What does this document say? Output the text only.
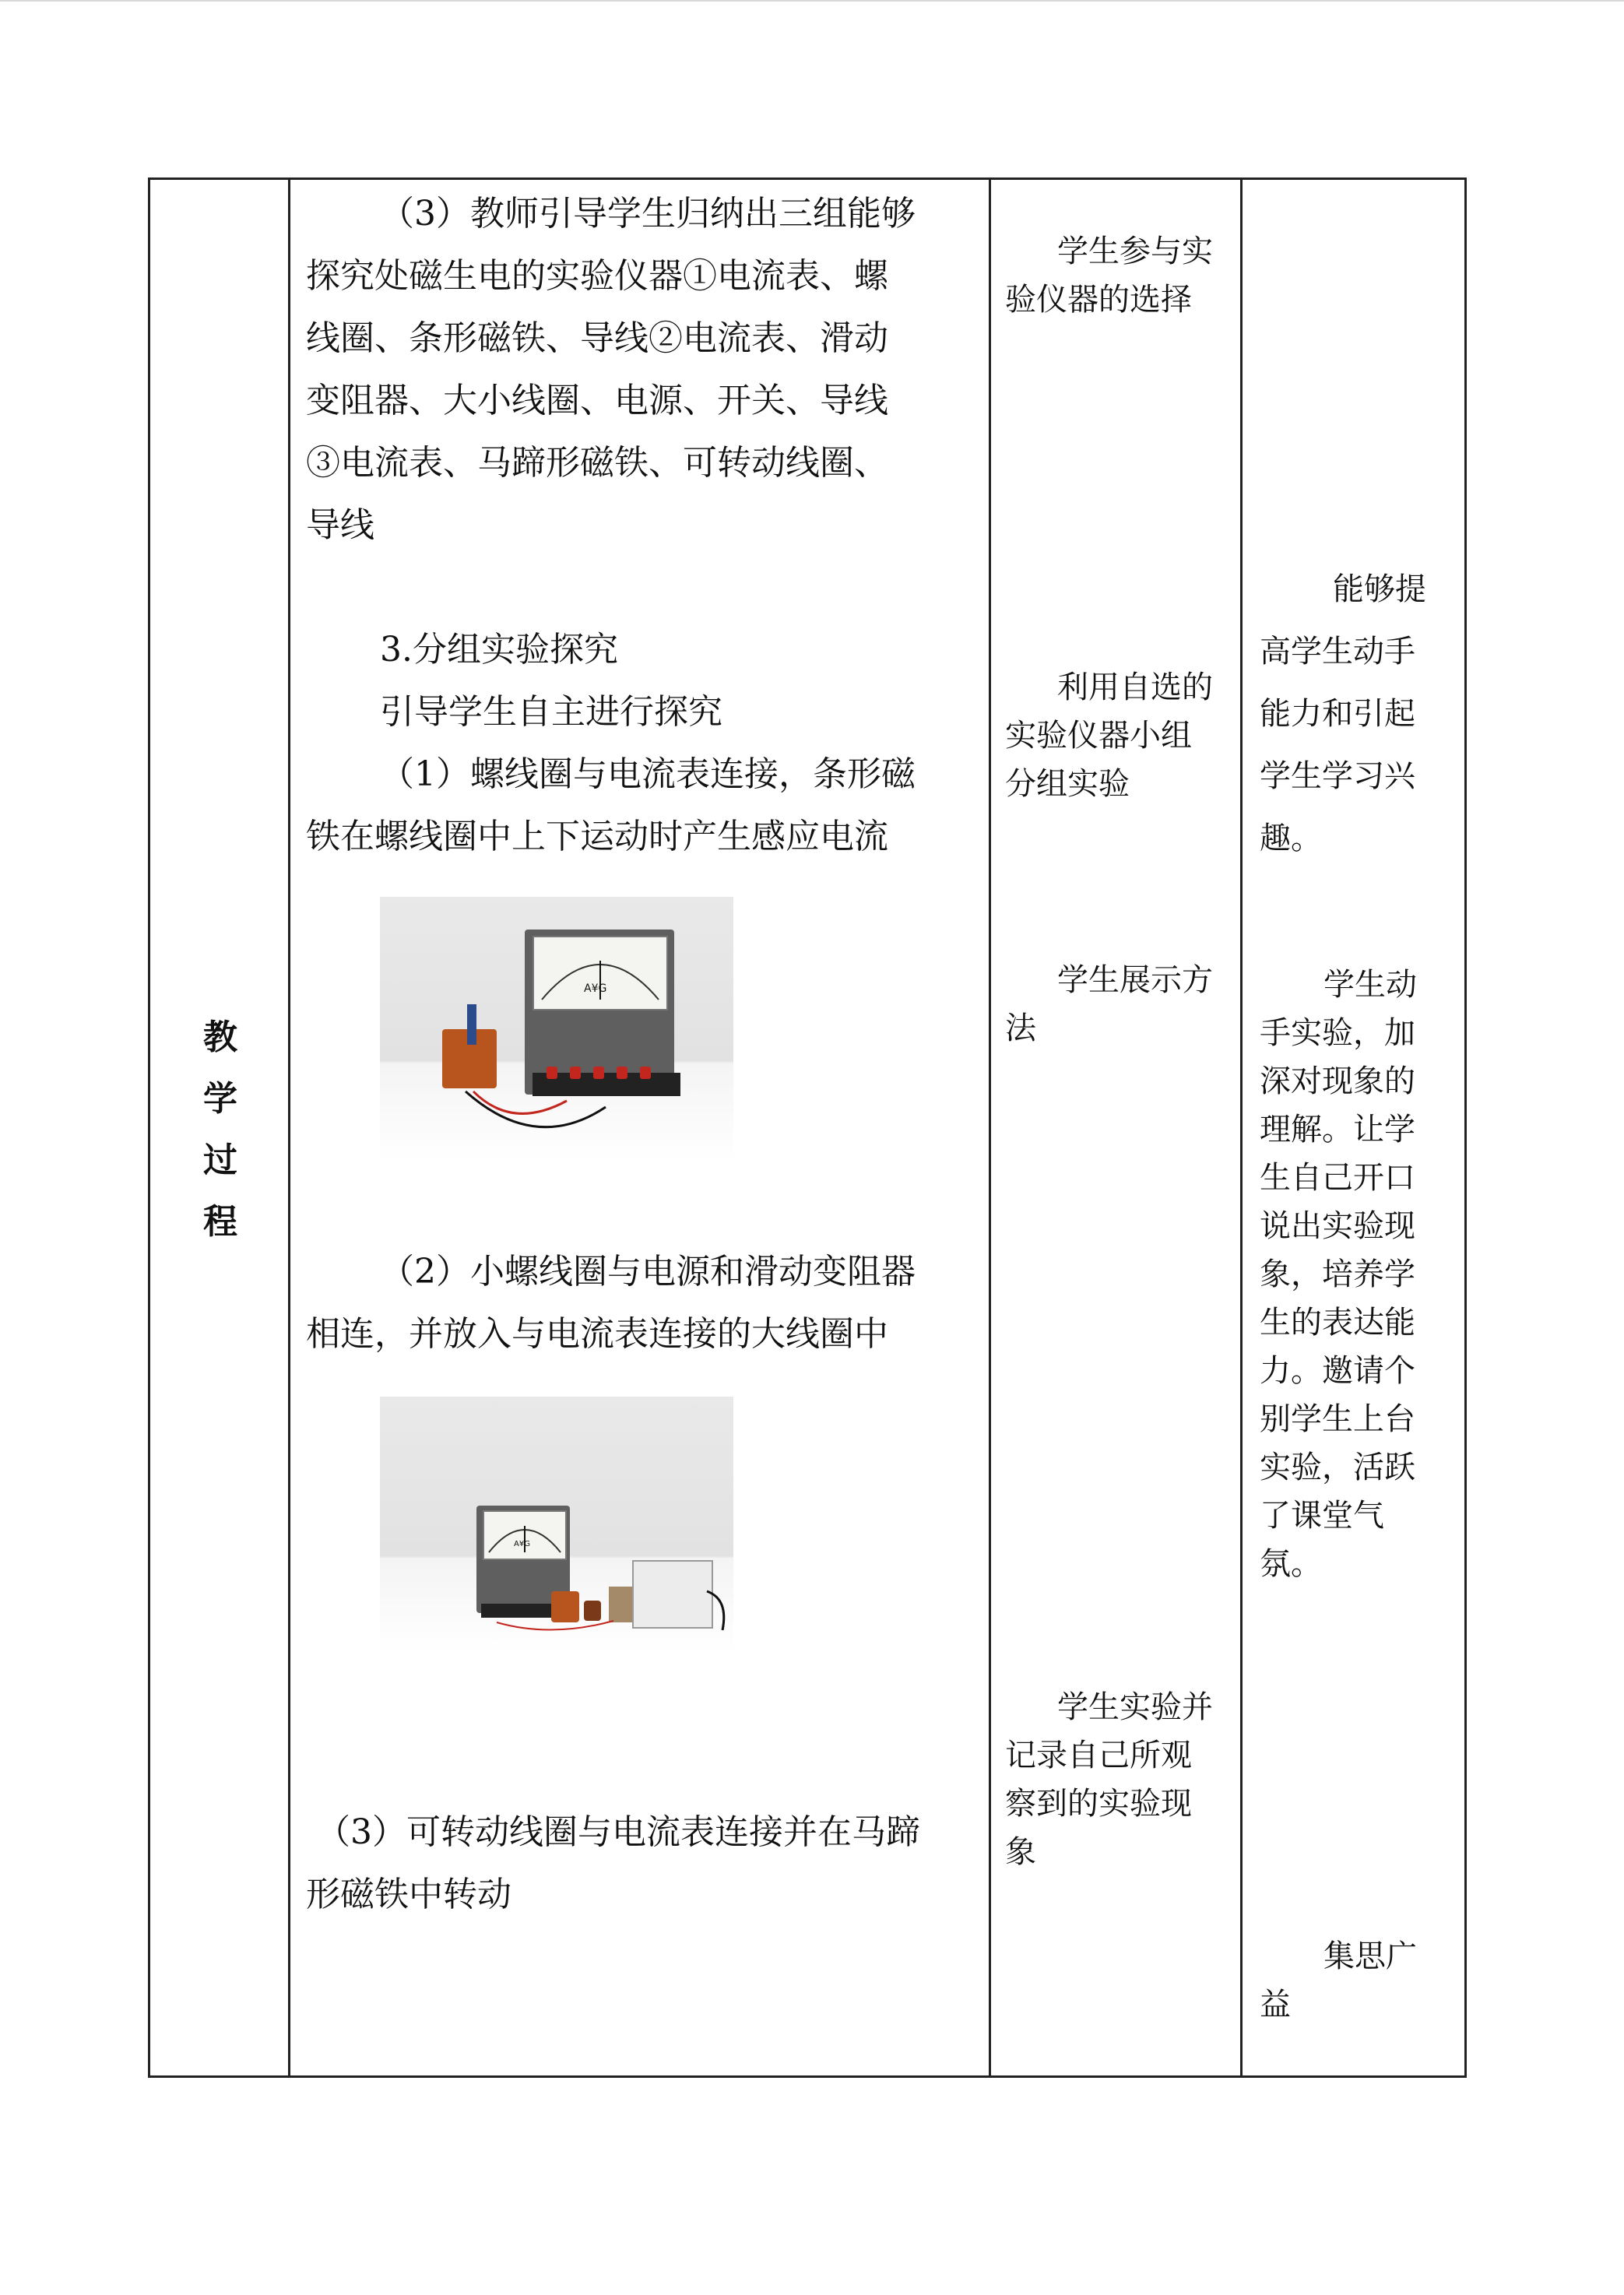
教
学
过
程
（3）教师引导学生归纳出三组能够
探究处磁生电的实验仪器①电流表、螺
线圈、条形磁铁、导线②电流表、滑动
变阻器、大小线圈、电源、开关、导线
③电流表、马蹄形磁铁、可转动线圈、
导线
3.分组实验探究
引导学生自主进行探究
（1）螺线圈与电流表连接，条形磁
铁在螺线圈中上下运动时产生感应电流
A¥G
（2）小螺线圈与电源和滑动变阻器
相连，并放入与电流表连接的大线圈中
A¥G
（3）可转动线圈与电流表连接并在马蹄
形磁铁中转动
学生参与实
验仪器的选择
利用自选的
实验仪器小组
分组实验
学生展示方
法
学生实验并
记录自己所观
察到的实验现
象
能够提
高学生动手
能力和引起
学生学习兴
趣。
学生动
手实验，加
深对现象的
理解。让学
生自己开口
说出实验现
象，培养学
生的表达能
力。邀请个
别学生上台
实验，活跃
了课堂气
氛。
集思广
益
